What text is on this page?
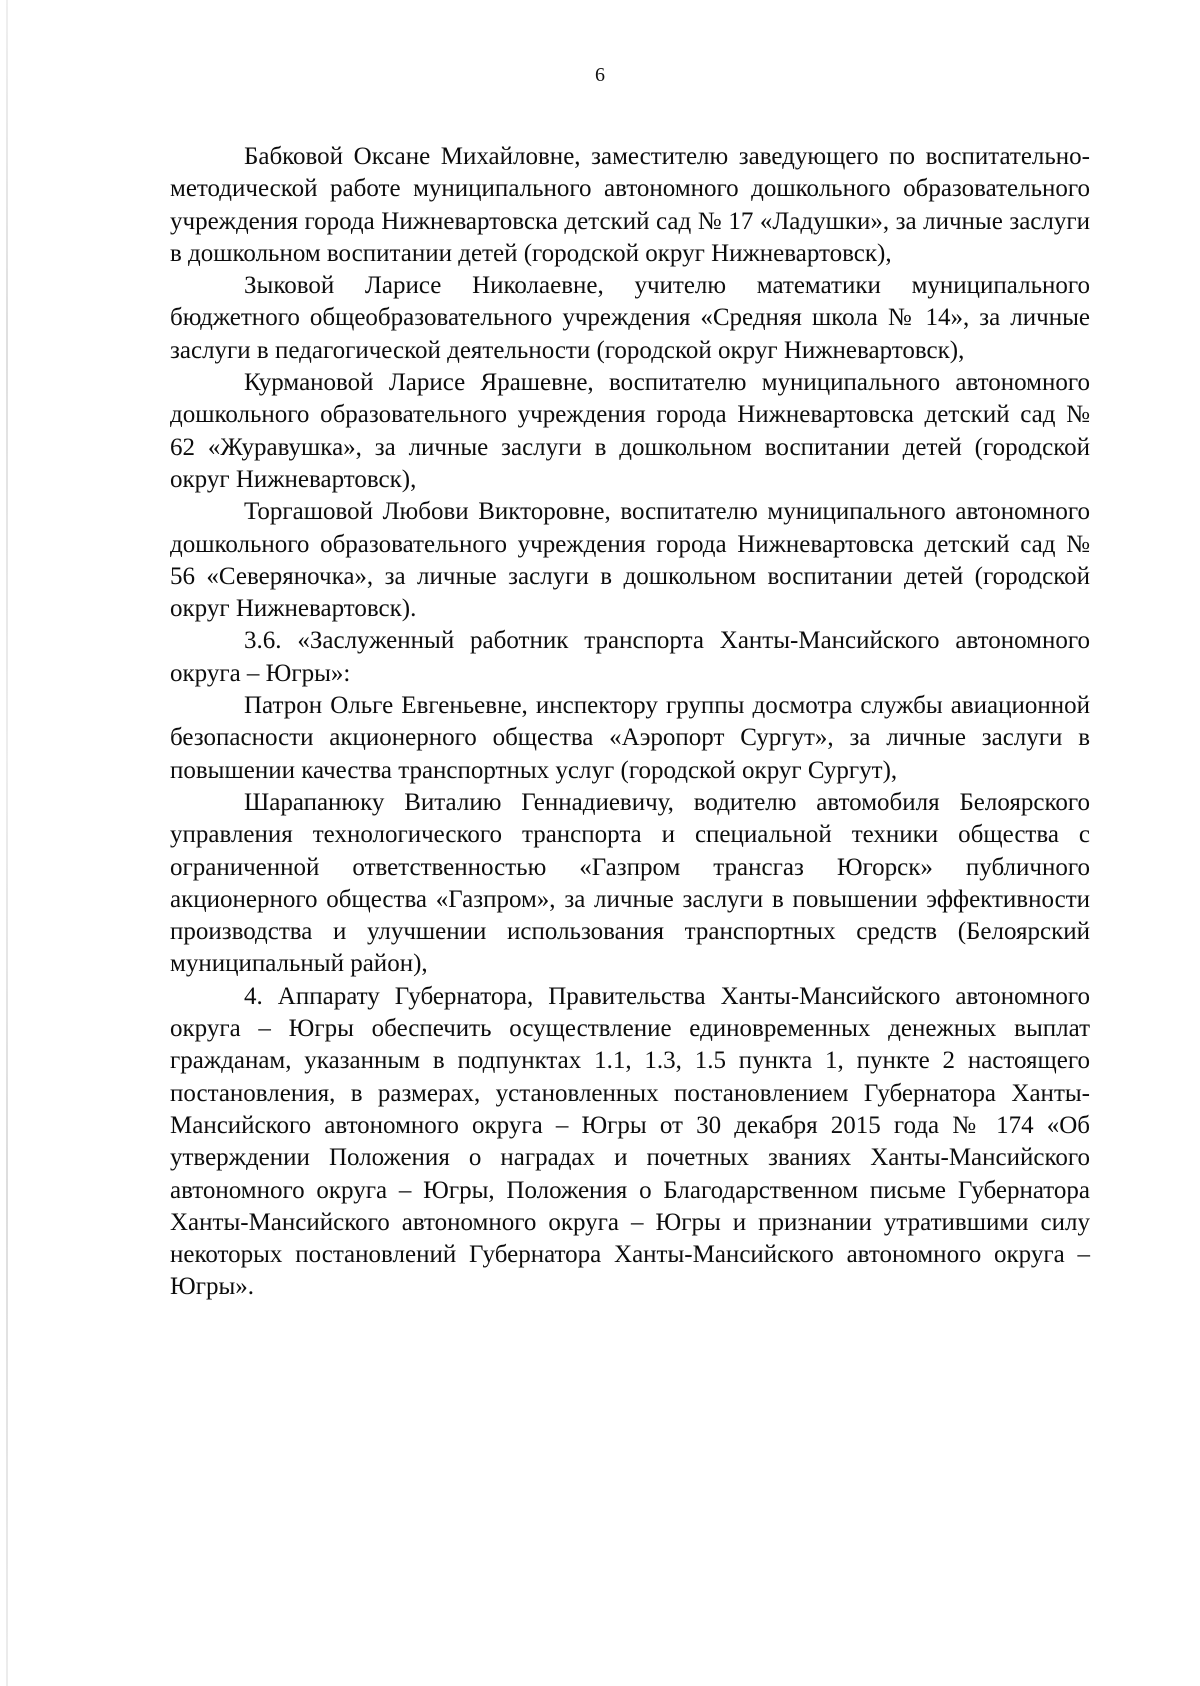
6

Бабковой Оксане Михайловне, заместителю заведующего по воспитательно-методической работе муниципального автономного дошкольного образовательного учреждения города Нижневартовска детский сад № 17 «Ладушки», за личные заслуги в дошкольном воспитании детей (городской округ Нижневартовск),

Зыковой Ларисе Николаевне, учителю математики муниципального бюджетного общеобразовательного учреждения «Средняя школа № 14», за личные заслуги в педагогической деятельности (городской округ Нижневартовск),

Курмановой Ларисе Ярашевне, воспитателю муниципального автономного дошкольного образовательного учреждения города Нижневартовска детский сад № 62 «Журавушка», за личные заслуги в дошкольном воспитании детей (городской округ Нижневартовск),

Торгашовой Любови Викторовне, воспитателю муниципального автономного дошкольного образовательного учреждения города Нижневартовска детский сад № 56 «Северяночка», за личные заслуги в дошкольном воспитании детей (городской округ Нижневартовск).

3.6. «Заслуженный работник транспорта Ханты-Мансийского автономного округа – Югры»:

Патрон Ольге Евгеньевне, инспектору группы досмотра службы авиационной безопасности акционерного общества «Аэропорт Сургут», за личные заслуги в повышении качества транспортных услуг (городской округ Сургут),

Шарапанюку Виталию Геннадиевичу, водителю автомобиля Белоярского управления технологического транспорта и специальной техники общества с ограниченной ответственностью «Газпром трансгаз Югорск» публичного акционерного общества «Газпром», за личные заслуги в повышении эффективности производства и улучшении использования транспортных средств (Белоярский муниципальный район),

4. Аппарату Губернатора, Правительства Ханты-Мансийского автономного округа – Югры обеспечить осуществление единовременных денежных выплат гражданам, указанным в подпунктах 1.1, 1.3, 1.5 пункта 1, пункте 2 настоящего постановления, в размерах, установленных постановлением Губернатора Ханты-Мансийского автономного округа – Югры от 30 декабря 2015 года № 174 «Об утверждении Положения о наградах и почетных званиях Ханты-Мансийского автономного округа – Югры, Положения о Благодарственном письме Губернатора Ханты-Мансийского автономного округа – Югры и признании утратившими силу некоторых постановлений Губернатора Ханты-Мансийского автономного округа – Югры».
